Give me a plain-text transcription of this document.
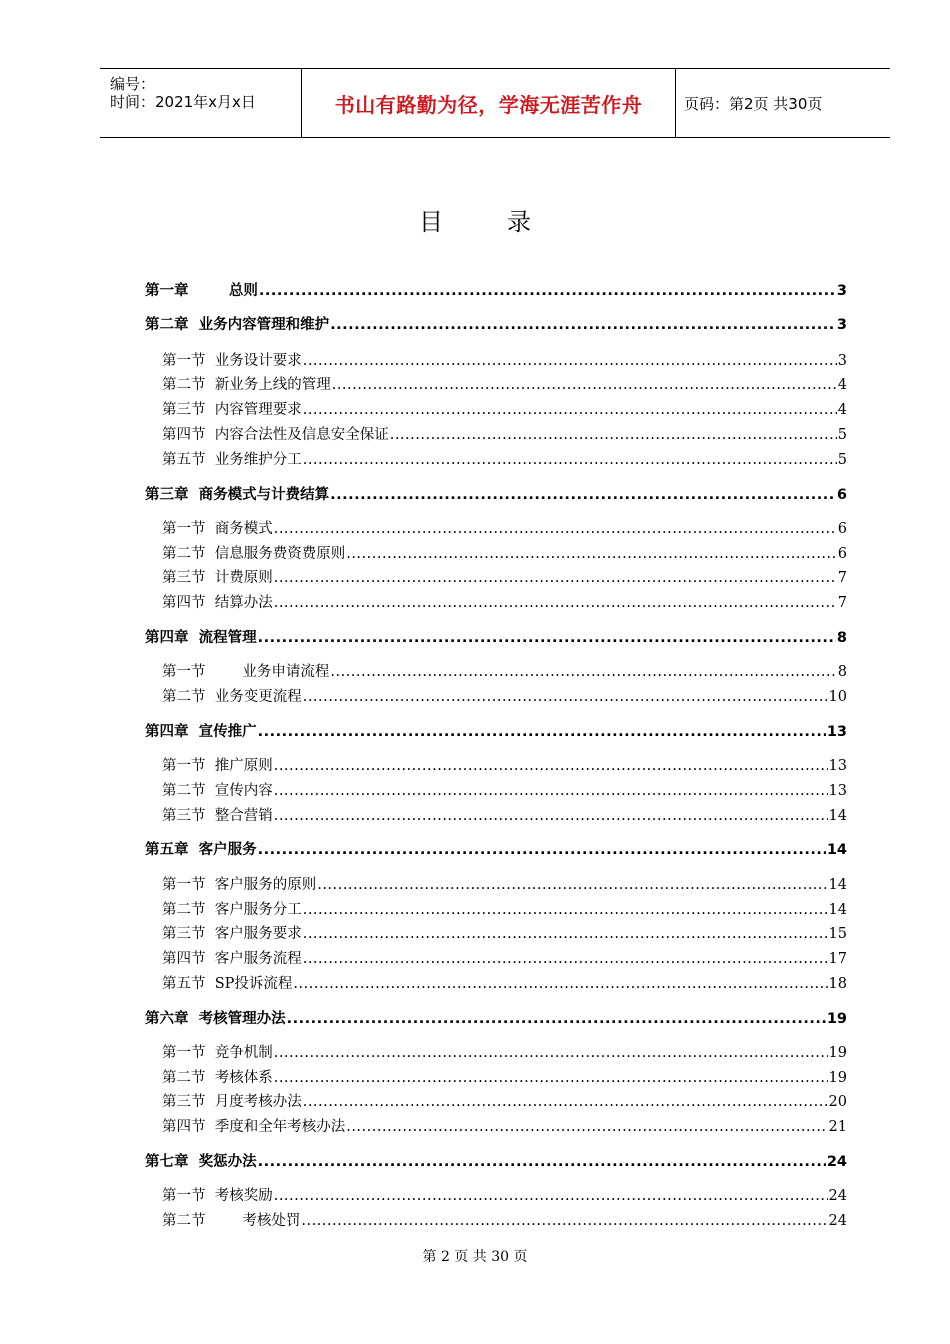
编号：
时间：2021年x月x日	书山有路勤为径，学海无涯苦作舟	页码：第2页 共30页
目录
第一章        总则 .....	3
第二章  业务内容管理和维护 .....	3
第一节  业务设计要求 .....	3
第二节  新业务上线的管理 .....	4
第三节  内容管理要求 .....	4
第四节  内容合法性及信息安全保证 .....	5
第五节  业务维护分工 .....	5
第三章  商务模式与计费结算 .....	6
第一节  商务模式 .....	6
第二节  信息服务费资费原则 .....	6
第三节  计费原则 .....	7
第四节  结算办法 .....	7
第四章  流程管理 .....	8
第一节        业务申请流程 .....	8
第二节  业务变更流程 .....	10
第四章  宣传推广 .....	13
第一节  推广原则 .....	13
第二节  宣传内容 .....	13
第三节  整合营销 .....	14
第五章  客户服务 .....	14
第一节  客户服务的原则 .....	14
第二节  客户服务分工 .....	14
第三节  客户服务要求 .....	15
第四节  客户服务流程 .....	17
第五节  SP投诉流程 .....	18
第六章  考核管理办法 .....	19
第一节  竞争机制 .....	19
第二节  考核体系 .....	19
第三节  月度考核办法 .....	20
第四节  季度和全年考核办法 .....	21
第七章  奖惩办法 .....	24
第一节  考核奖励 .....	24
第二节        考核处罚 .....	24
第 2 页 共 30 页
